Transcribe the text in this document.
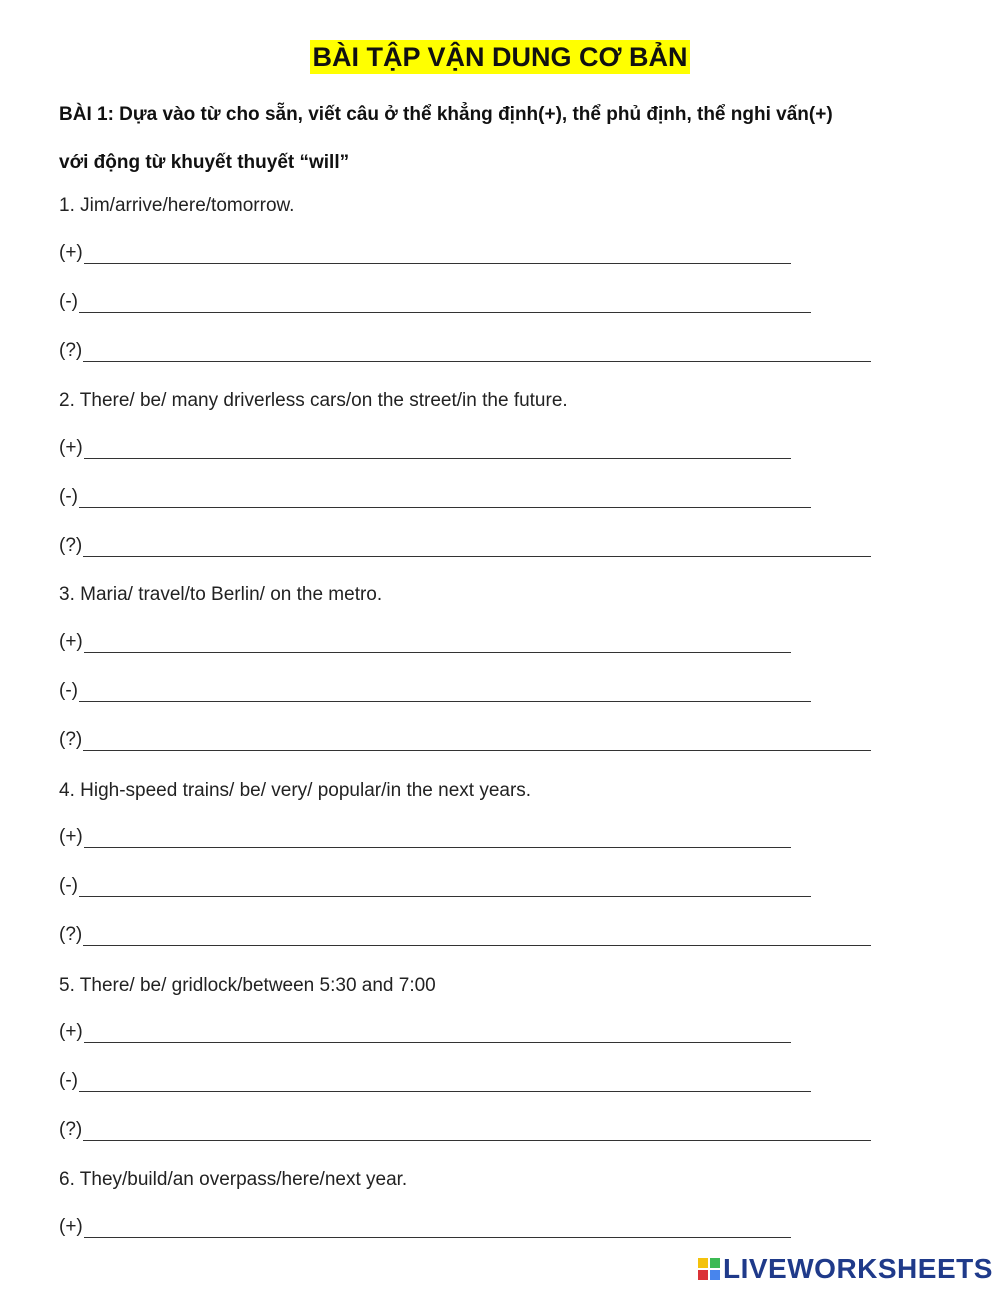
BÀI TẬP VẬN DUNG CƠ BẢN
BÀI 1: Dựa vào từ cho sẵn, viết câu ở thể khẳng định(+), thể phủ định, thể nghi vấn(+)
với động từ khuyết thuyết “will”
1. Jim/arrive/here/tomorrow.
(+)
(-)
(?)
2. There/ be/ many driverless cars/on the street/in the future.
(+)
(-)
(?)
3. Maria/ travel/to Berlin/ on the metro.
(+)
(-)
(?)
4. High-speed trains/ be/ very/ popular/in the next years.
(+)
(-)
(?)
5. There/ be/ gridlock/between 5:30 and 7:00
(+)
(-)
(?)
6. They/build/an overpass/here/next year.
(+)
LIVEWORKSHEETS
